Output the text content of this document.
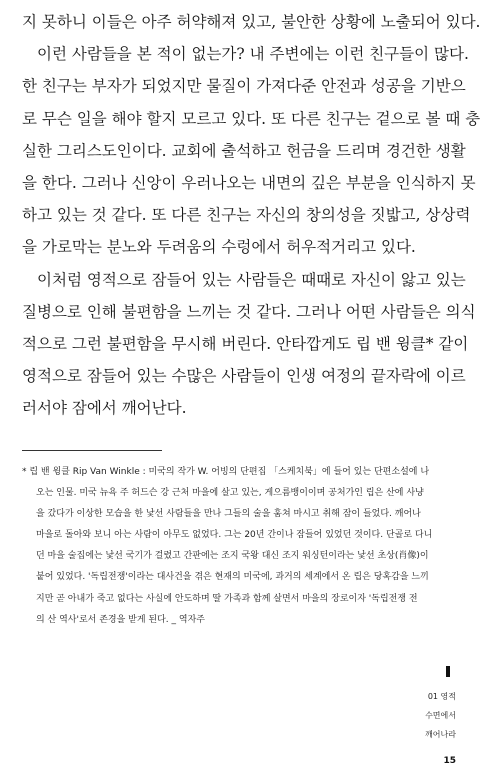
지 못하니 이들은 아주 허약해져 있고, 불안한 상황에 노출되어 있다.

이런 사람들을 본 적이 없는가? 내 주변에는 이런 친구들이 많다.

한 친구는 부자가 되었지만 물질이 가져다준 안전과 성공을 기반으

로 무슨 일을 해야 할지 모르고 있다. 또 다른 친구는 겉으로 볼 때 충

실한 그리스도인이다. 교회에 출석하고 헌금을 드리며 경건한 생활

을 한다. 그러나 신앙이 우러나오는 내면의 깊은 부분을 인식하지 못

하고 있는 것 같다. 또 다른 친구는 자신의 창의성을 짓밟고, 상상력

을 가로막는 분노와 두려움의 수렁에서 허우적거리고 있다.

이처럼 영적으로 잠들어 있는 사람들은 때때로 자신이 앓고 있는

질병으로 인해 불편함을 느끼는 것 같다. 그러나 어떤 사람들은 의식

적으로 그런 불편함을 무시해 버린다. 안타깝게도 립 밴 윙클* 같이

영적으로 잠들어 있는 수많은 사람들이 인생 여정의 끝자락에 이르

러서야 잠에서 깨어난다.

* 립 밴 윙클 Rip Van Winkle : 미국의 작가 W. 어빙의 단편집 「스케치북」에 들어 있는 단편소설에 나

오는 인물. 미국 뉴욕 주 허드슨 강 근처 마을에 살고 있는, 게으름뱅이이며 공처가인 립은 산에 사냥

을 갔다가 이상한 모습을 한 낯선 사람들을 만나 그들의 술을 훔쳐 마시고 취해 잠이 들었다. 깨어나

마을로 돌아와 보니 아는 사람이 아무도 없었다. 그는 20년 간이나 잠들어 있었던 것이다. 단골로 다니

던 마을 술집에는 낯선 국기가 걸렸고 간판에는 조지 국왕 대신 조지 워싱턴이라는 낯선 초상(肖像)이

붙어 있었다. '독립전쟁'이라는 대사건을 겪은 현재의 미국에, 과거의 세계에서 온 립은 당혹감을 느끼

지만 곧 아내가 죽고 없다는 사실에 안도하며 딸 가족과 함께 살면서 마을의 장로이자 '독립전쟁 전

의 산 역사'로서 존경을 받게 된다. _ 역자주

01 영적
수면에서
깨어나라
15
